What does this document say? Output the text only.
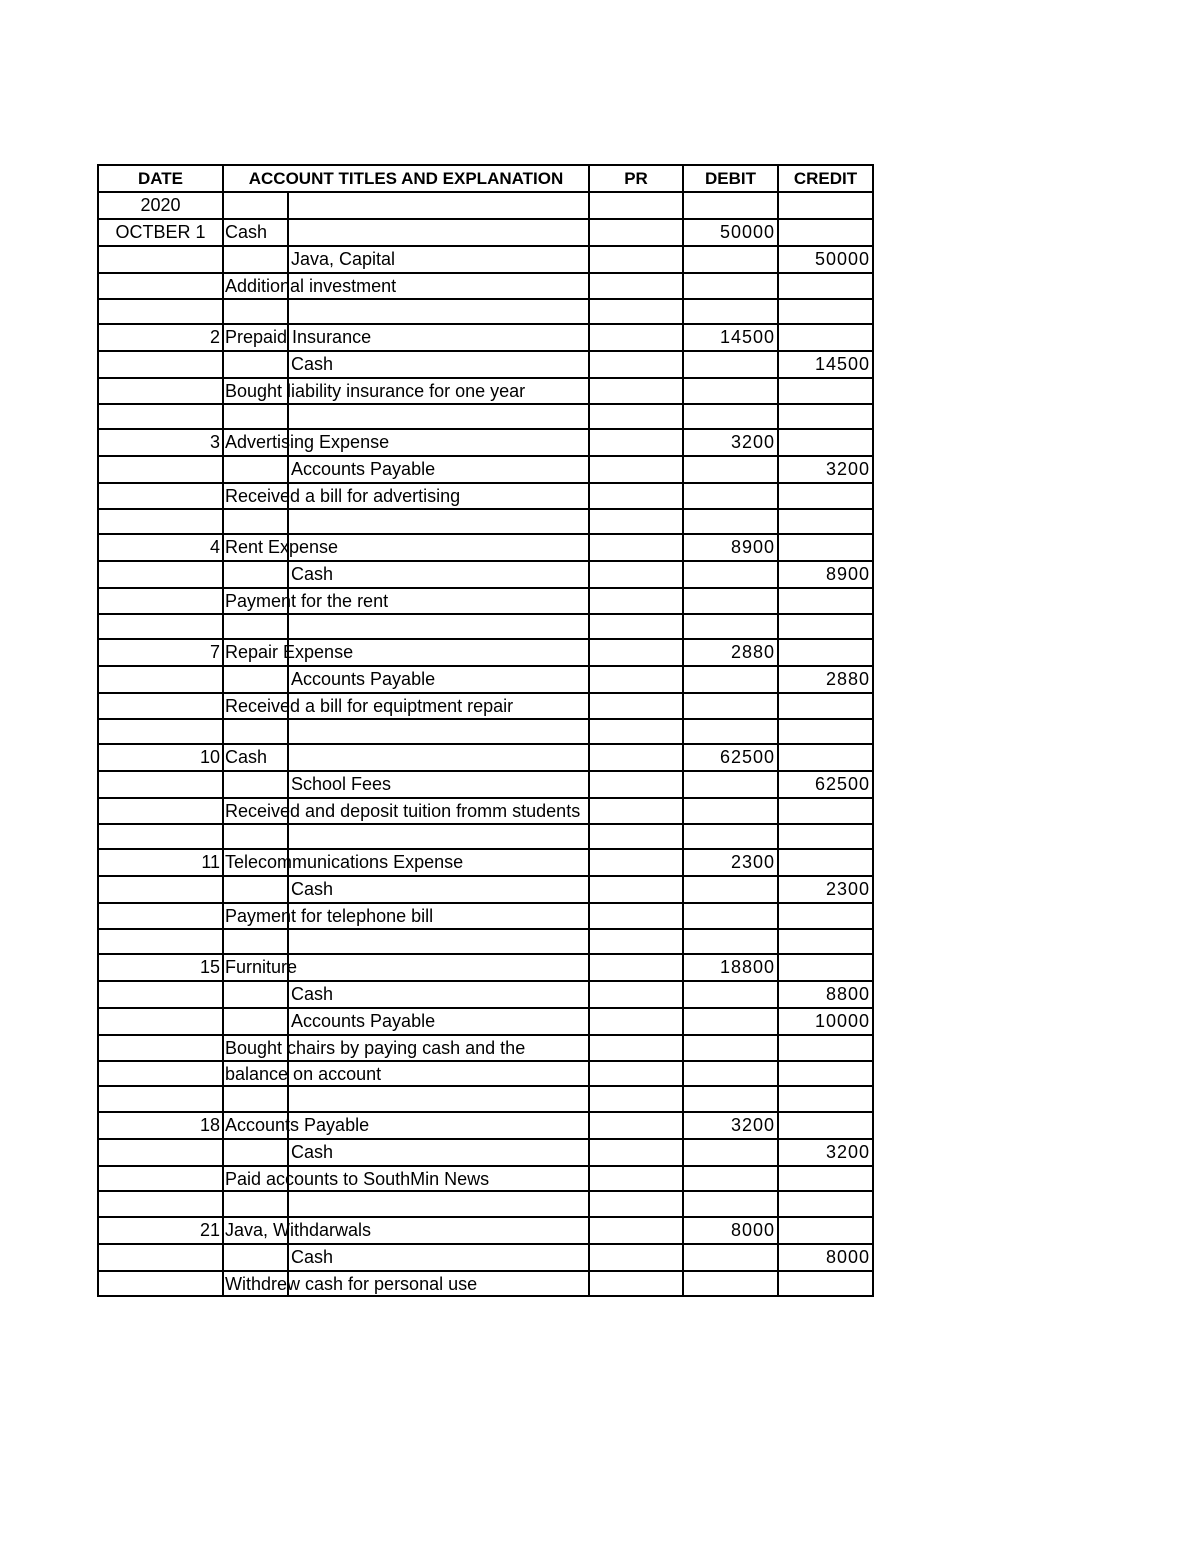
DATE	ACCOUNT TITLES AND EXPLANATION		PR	DEBIT	CREDIT
2020	

OCTBER 1	Cash			50000	

		Java, Capital			50000

	Additional investment				

2	Prepaid Insurance			14500	

		Cash			14500

	Bought liability insurance for one year				

3	Advertising Expense			3200	

		Accounts Payable			3200

	Received a bill for advertising				

4	Rent Expense			8900	

		Cash			8900

	Payment for the rent				

7	Repair Expense			2880	

		Accounts Payable			2880

	Received a bill for equiptment repair				

10	Cash			62500	

		School Fees			62500

	Received and deposit tuition fromm students				

11	Telecommunications Expense			2300	

		Cash			2300

	Payment for telephone bill				

15	Furniture			18800	

		Cash			8800

		Accounts Payable			10000

	Bought chairs by paying cash and the				

	balance on account				

18	Accounts Payable			3200	

		Cash			3200

	Paid accounts to SouthMin News				

21	Java, Withdarwals			8000	

		Cash			8000

	Withdrew cash for personal use				
